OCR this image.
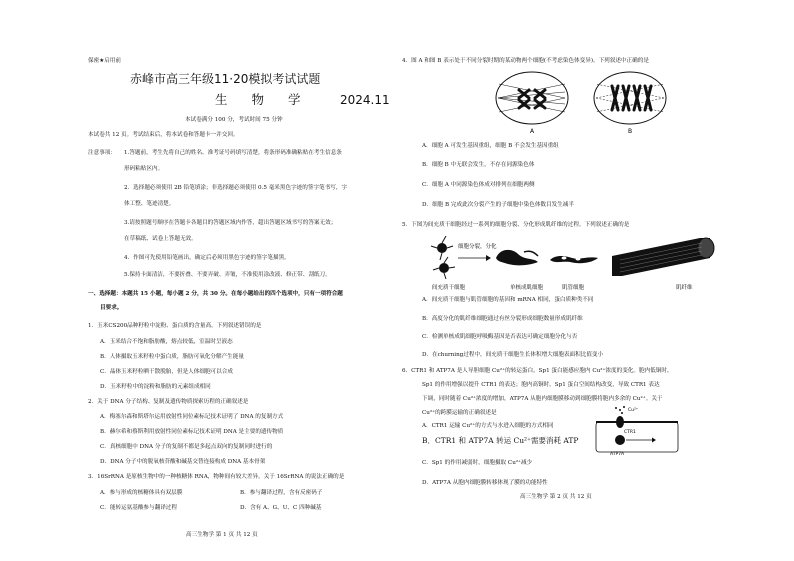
保密★启用前
赤峰市高三年级11·20模拟考试试题
生 物 学 2024.11
本试卷满分 100 分，考试时间 75 分钟
本试卷共 12 页。考试结束后，将本试卷和答题卡一并交回。
注意事项： 1.答题前，考生先将自己的姓名、准考证号码填写清楚，将条形码准确粘贴在考生信息条
形码粘贴区内。
2．选择题必须使用 2B 铅笔填涂；非选择题必须使用 0.5 毫米黑色字迹的签字笔书写，字
体工整、笔迹清楚。
3.请按照题号顺序在答题卡各题目的答题区域内作答，超出答题区域书写的答案无效；
在草稿纸、试卷上答题无效。
4．作图可先使用铅笔画出，确定后必须用黑色字迹的签字笔描黑。
5.保持卡面清洁，不要折叠、不要弄破、弄皱，不准使用涂改液、修正带、刮纸刀。
一、选择题：本题共 15 小题，每小题 2 分，共 30 分。在每小题给出的四个选项中，只有一项符合题
目要求。
1．玉米CS200品种籽粒中淀粉、蛋白质的含量高。下列叙述错误的是
A．玉米结合不饱和脂肪酸，熔点较低，室温时呈液态
B．人体摄取玉米籽粒中蛋白质，脂肪可氧化分解产生能量
C．晶体玉米籽粒晒干散脱胎，但是人体细胞可以合成
D．玉米籽粒中的淀粉和脂肪的元素组成相同
2．关于 DNA 分子结构、复制及遗传物质探索历程的正确叙述是
A．梅塞尔森和斯塔尔运用放射性同位素标记技术证明了 DNA 的复制方式
B．赫尔希和蔡斯利用放射性同位素标记技术证明 DNA 是主要的遗传物质
C．真核细胞中 DNA 分子的复制不都是多起点双向的复制同时进行的
D．DNA 分子中的脱氧核苷酸和碱基交替连接构成 DNA 基本骨架
3．16SrRNA 是原核生物中的一种核糖体 RNA，物种间有较大差异。关于 16SrRNA 的说法正确的是
A．参与形成的核糖体具有双层膜	B．参与翻译过程，含有反密码子
C．能转运氨基酸参与翻译过程	D．含有 A、G、U、C 四种碱基
高三生物学 第 1 页 共 12 页
4．图 A 和图 B 表示处于不同分裂时期的某动物两个细胞(不考虑染色体变异)。下列叙述中正确的是
A	B
A．细胞 A 可发生基因重组，细胞 B 不会发生基因重组
B．细胞 B 中无联会发生，不存在同源染色体
C．细胞 A 中同源染色体成对排列在细胞两侧
D．细胞 B 完成此次分裂产生的子细胞中染色体数目发生减半
5．下图为间充质干细胞经过一系列的细胞分裂、分化形成肌纤维的过程。下列叙述正确的是
细胞分裂，分化
间充质干细胞	单核成肌细胞	肌管细胞	肌纤维
A．间充质干细胞与肌管细胞的基因和 mRNA 相同，蛋白质种类不同
B．高度分化的肌纤维细胞通过有丝分裂形成细胞数量形成肌纤维
C．检测单核成肌细胞呼吸酶基因是否表达可确定细胞分化与否
D．在churning过程中，间充质干细胞生长体积增大细胞表面积比值变小
6．CTR1 和 ATP7A 是人导胆细胞 Cu²⁺的转运蛋白，Sp1 蛋白能感应胞内 Cu²⁺浓度的变化。胞内低铜时，
Sp1 的作用增强以提升 CTR1 的表达；胞内高铜时，Sp1 蛋白空间结构改变，导致 CTR1 表达
下调，同时随着 Cu²⁺浓度的增加，ATP7A 从胞内细胞膜移动到细胞膜将胞内多余的 Cu²⁺。关于
Cu²⁺的跨膜运输的正确叙述是
A．CTR1 运输 Cu²⁺的方式与水进入细胞的方式相同
B．CTR1 和 ATP7A 转运 Cu²⁺需要消耗 ATP
C．Sp1 的作用减弱时，细胞摄取 Cu²⁺减少
D．ATP7A 从胞内细胞膜转移体现了膜的功能特性
CTR1
ATP7A
Cu²⁺
高三生物学 第 2 页 共 12 页
